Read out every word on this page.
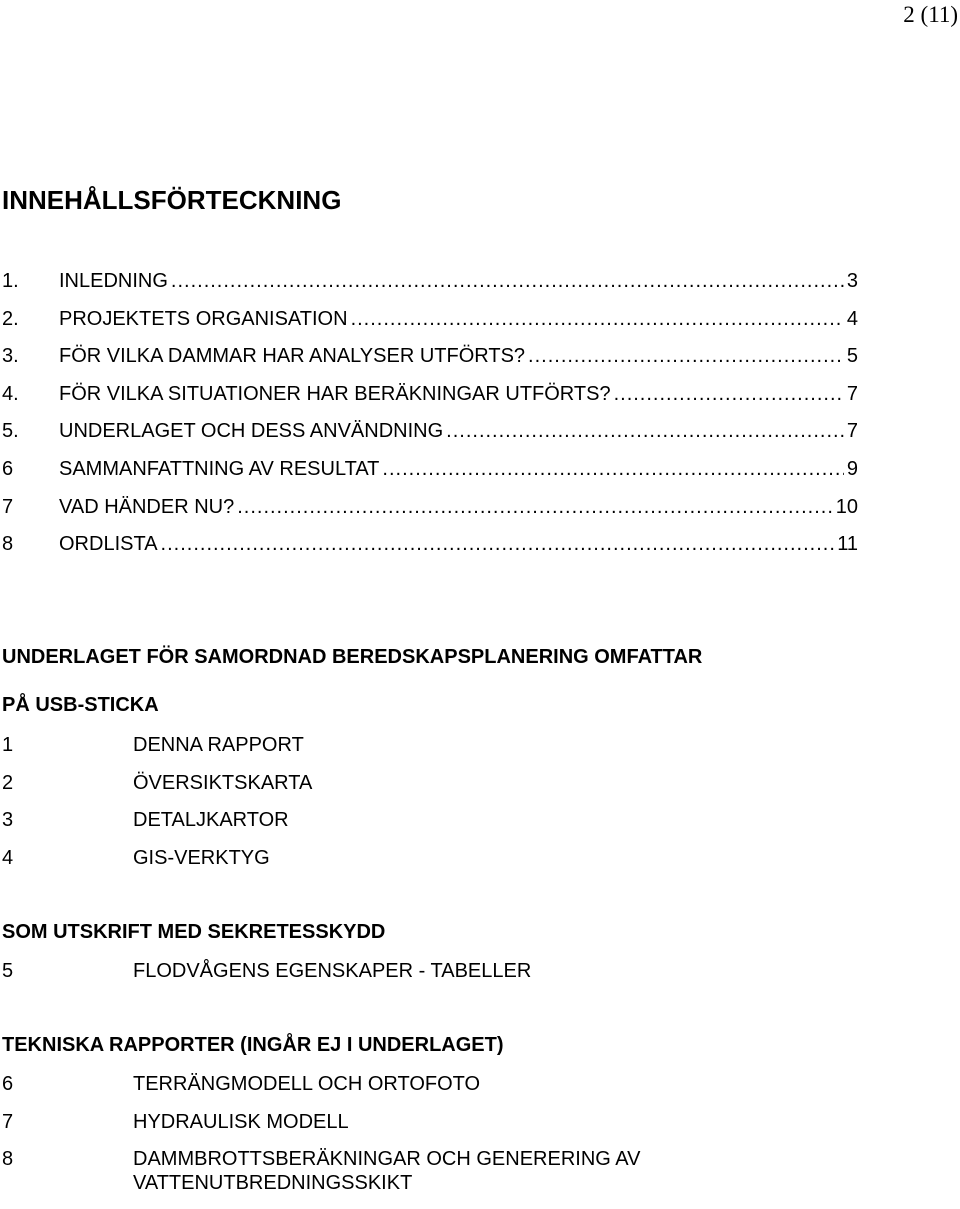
2 (11)
INNEHÅLLSFÖRTECKNING
1.	INLEDNING .....	3
2.	PROJEKTETS ORGANISATION .....	4
3.	FÖR VILKA DAMMAR HAR ANALYSER UTFÖRTS? .....	5
4.	FÖR VILKA SITUATIONER HAR BERÄKNINGAR UTFÖRTS? .....	7
5.	UNDERLAGET OCH DESS ANVÄNDNING .....	7
6	SAMMANFATTNING AV RESULTAT .....	9
7	VAD HÄNDER NU? .....	10
8	ORDLISTA .....	11
UNDERLAGET FÖR SAMORDNAD BEREDSKAPSPLANERING OMFATTAR
PÅ USB-STICKA
1	DENNA RAPPORT
2	ÖVERSIKTSKARTA
3	DETALJKARTOR
4	GIS-VERKTYG
SOM UTSKRIFT MED SEKRETESSKYDD
5	FLODVÅGENS EGENSKAPER - TABELLER
TEKNISKA RAPPORTER (INGÅR EJ I UNDERLAGET)
6	TERRÄNGMODELL OCH ORTOFOTO
7	HYDRAULISK MODELL
8	DAMMBROTTSBERÄKNINGAR OCH GENERERING AV VATTENUTBREDNINGSSKIKT
